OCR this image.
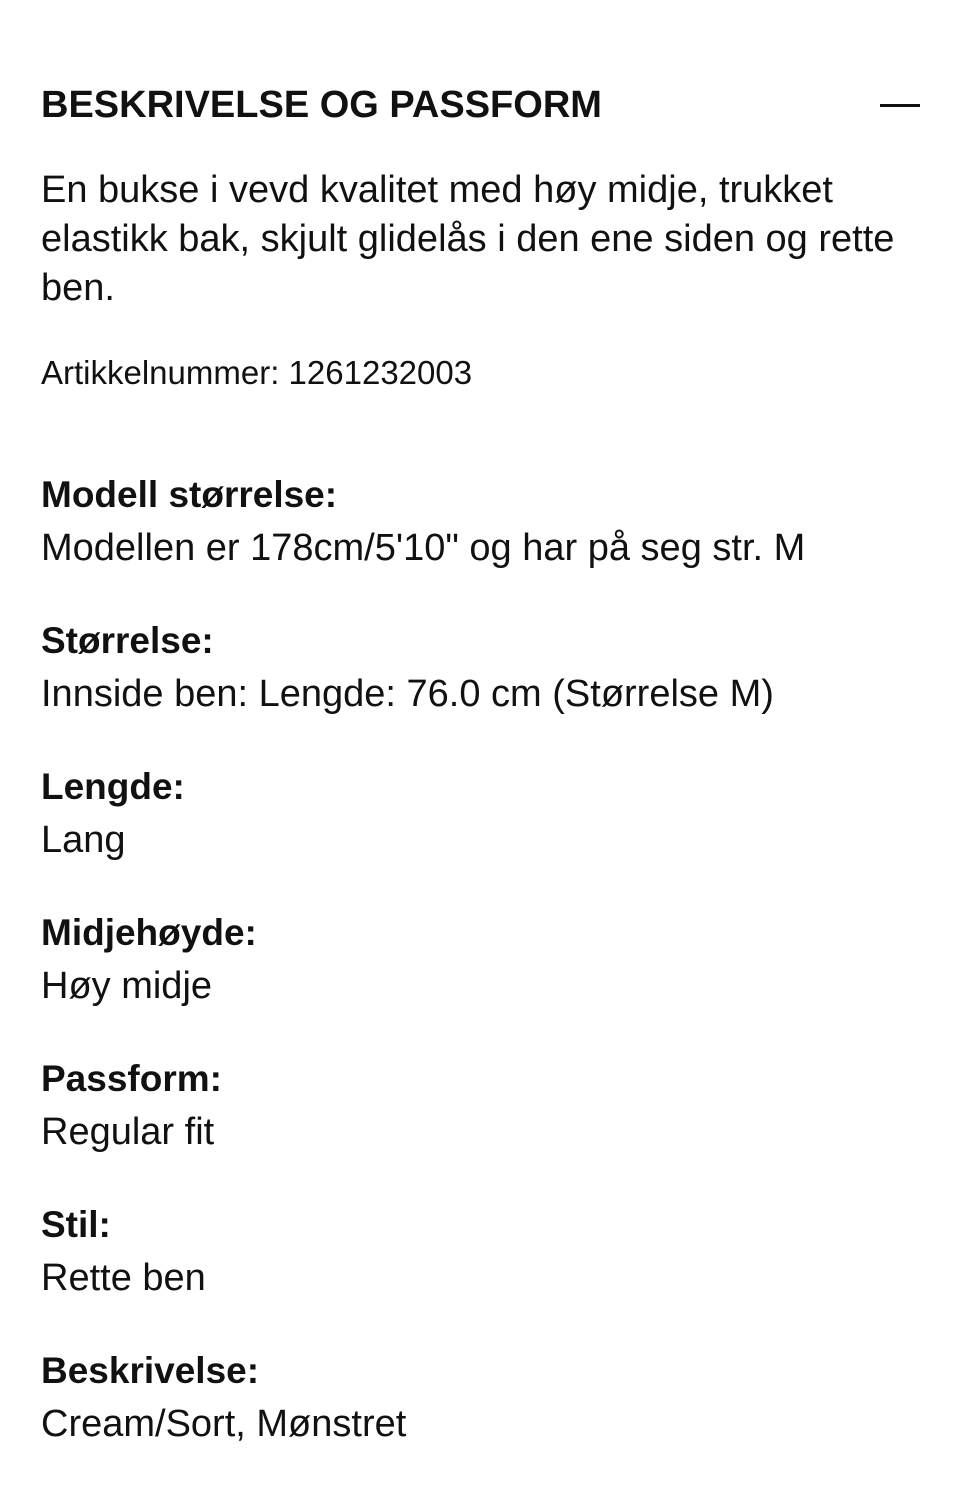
BESKRIVELSE OG PASSFORM

En bukse i vevd kvalitet med høy midje, trukket elastikk bak, skjult glidelås i den ene siden og rette ben.

Artikkelnummer: 1261232003

Modell størrelse:
Modellen er 178cm/5'10" og har på seg str. M
Størrelse:
Innside ben: Lengde: 76.0 cm (Størrelse M)
Lengde:
Lang
Midjehøyde:
Høy midje
Passform:
Regular fit
Stil:
Rette ben
Beskrivelse:
Cream/Sort, Mønstret
